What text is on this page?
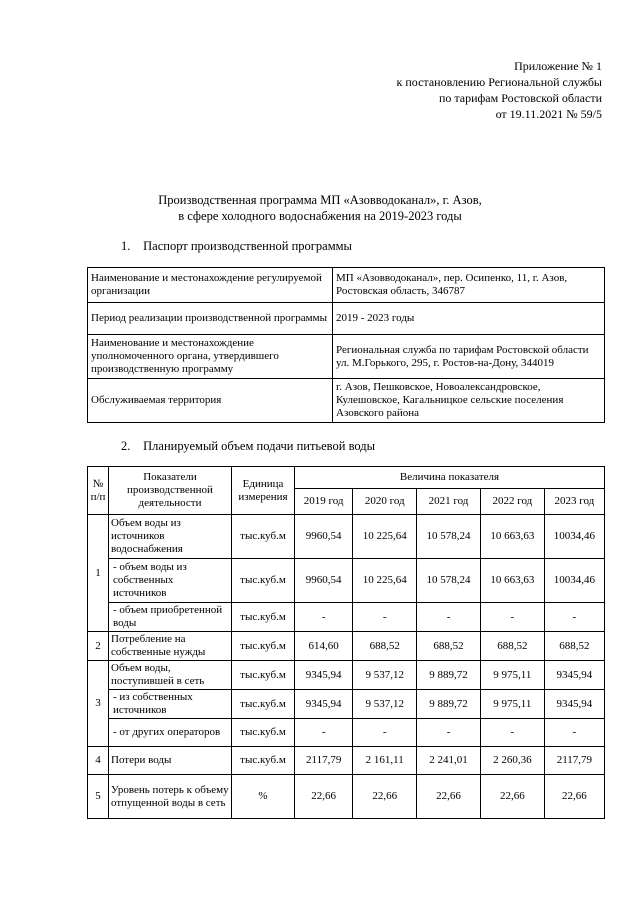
Приложение № 1
к постановлению Региональной службы
по тарифам Ростовской области
от 19.11.2021 № 59/5
Производственная программа МП «Азовводоканал», г. Азов,
в сфере холодного водоснабжения на 2019-2023 годы
1. Паспорт производственной программы
Наименование и местонахождение регулируемой организации	МП «Азовводоканал», пер. Осипенко, 11, г. Азов, Ростовская область, 346787
Период реализации производственной программы	2019 - 2023 годы
Наименование и местонахождение уполномоченного органа, утвердившего производственную программу	Региональная служба по тарифам Ростовской области ул. М.Горького, 295, г. Ростов-на-Дону, 344019
Обслуживаемая территория	г. Азов, Пешковское, Новоалександровское, Кулешовское, Кагальницкое сельские поселения Азовского района
2. Планируемый объем подачи питьевой воды
№ п/п	Показатели производственной деятельности	Единица измерения	Величина показателя				
			2019 год	2020 год	2021 год	2022 год	2023 год
1	Объем воды из источников водоснабжения	тыс.куб.м	9960,54	10 225,64	10 578,24	10 663,63	10034,46
	- объем воды из собственных источников	тыс.куб.м	9960,54	10 225,64	10 578,24	10 663,63	10034,46
	- объем приобретенной воды	тыс.куб.м	-	-	-	-	-
2	Потребление на собственные нужды	тыс.куб.м	614,60	688,52	688,52	688,52	688,52
3	Объем воды, поступившей в сеть	тыс.куб.м	9345,94	9 537,12	9 889,72	9 975,11	9345,94
	- из собственных источников	тыс.куб.м	9345,94	9 537,12	9 889,72	9 975,11	9345,94
	- от других операторов	тыс.куб.м	-	-	-	-	-
4	Потери воды	тыс.куб.м	2117,79	2 161,11	2 241,01	2 260,36	2117,79
5	Уровень потерь к объему отпущенной воды в сеть	%	22,66	22,66	22,66	22,66	22,66
